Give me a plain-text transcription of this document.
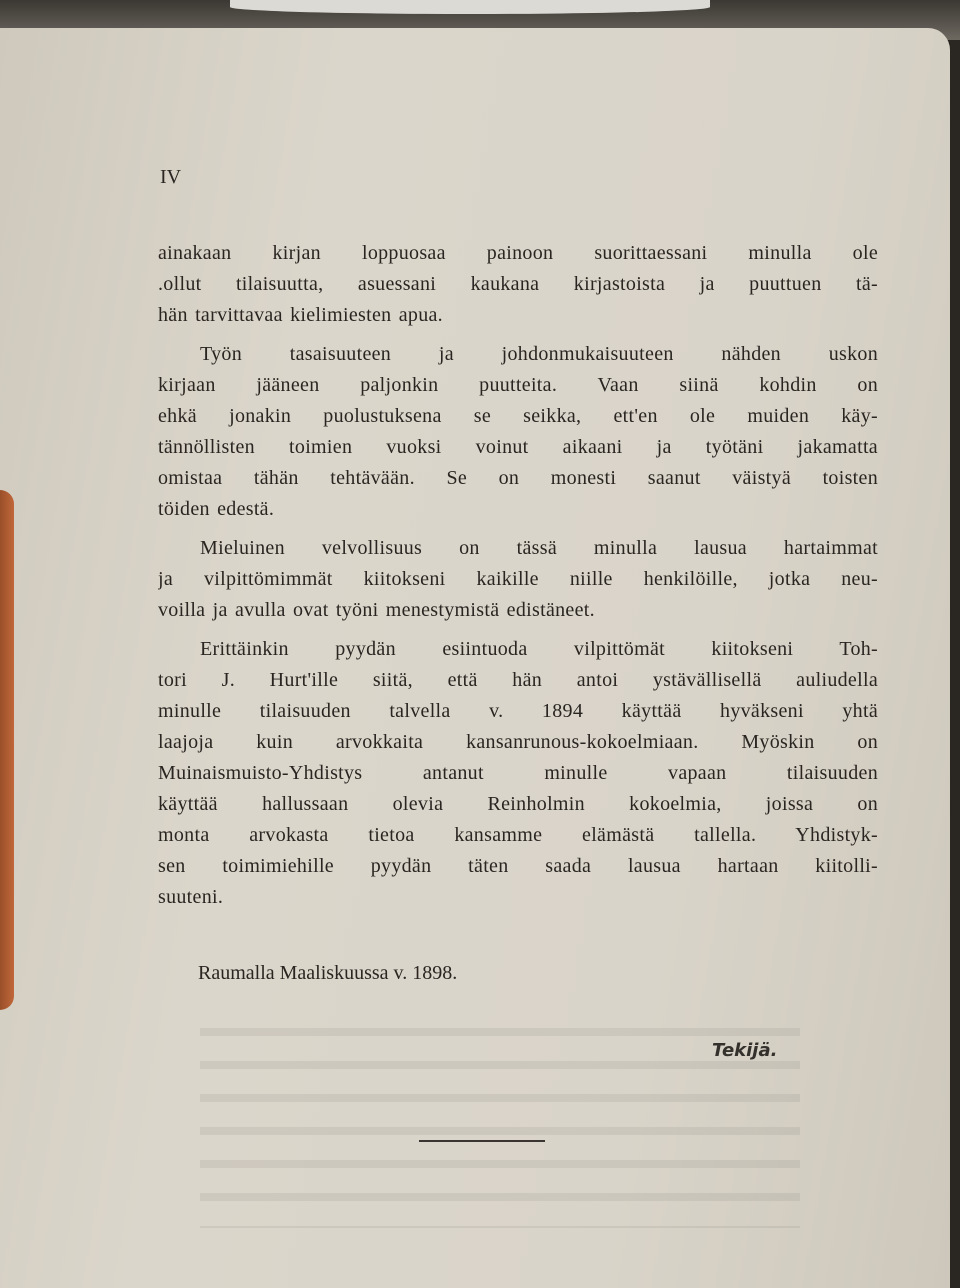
IV
ainakaan kirjan loppuosaa painoon suorittaessani minulla ole
.ollut tilaisuutta, asuessani kaukana kirjastoista ja puuttuen tä-
hän tarvittavaa kielimiesten apua.
Työn tasaisuuteen ja johdonmukaisuuteen nähden uskon
kirjaan jääneen paljonkin puutteita. Vaan siinä kohdin on
ehkä jonakin puolustuksena se seikka, ett'en ole muiden käy-
tännöllisten toimien vuoksi voinut aikaani ja työtäni jakamatta
omistaa tähän tehtävään. Se on monesti saanut väistyä toisten
töiden edestä.
Mieluinen velvollisuus on tässä minulla lausua hartaimmat
ja vilpittömimmät kiitokseni kaikille niille henkilöille, jotka neu-
voilla ja avulla ovat työni menestymistä edistäneet.
Erittäinkin pyydän esiintuoda vilpittömät kiitokseni Toh-
tori J. Hurt'ille siitä, että hän antoi ystävällisellä auliudella
minulle tilaisuuden talvella v. 1894 käyttää hyväkseni yhtä
laajoja kuin arvokkaita kansanrunous-kokoelmiaan. Myöskin on
Muinaismuisto-Yhdistys antanut minulle vapaan tilaisuuden
käyttää hallussaan olevia Reinholmin kokoelmia, joissa on
monta arvokasta tietoa kansamme elämästä tallella. Yhdistyk-
sen toimimiehille pyydän täten saada lausua hartaan kiitolli-
suuteni.
Raumalla Maaliskuussa v. 1898.
Tekijä.
